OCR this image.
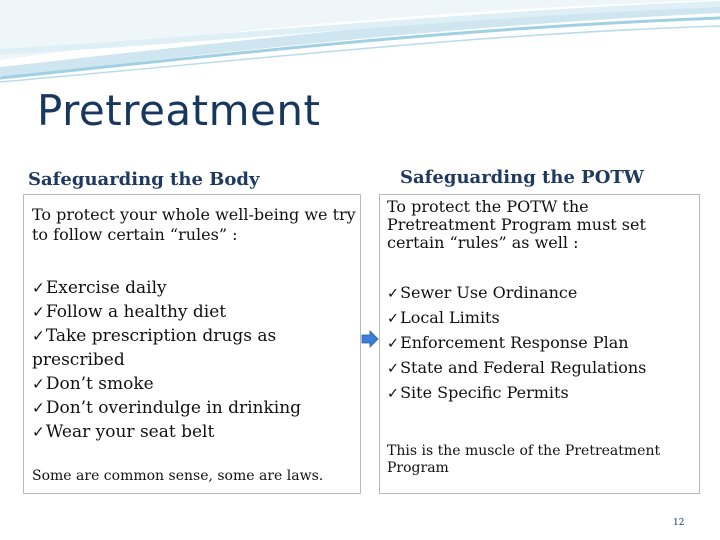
Pretreatment
Safeguarding the Body	Safeguarding the POTW
To protect your whole well-being we try to follow certain “rules” :
✓Exercise daily
✓Follow a healthy diet
✓Take prescription drugs as prescribed
✓Don’t smoke
✓Don’t overindulge in drinking
✓Wear your seat belt
Some are common sense, some are laws.
To protect the POTW the Pretreatment Program must set certain “rules” as well :
✓Sewer Use Ordinance
✓Local Limits
✓Enforcement Response Plan
✓State and Federal Regulations
✓Site Specific Permits
This is the muscle of the Pretreatment Program
12
